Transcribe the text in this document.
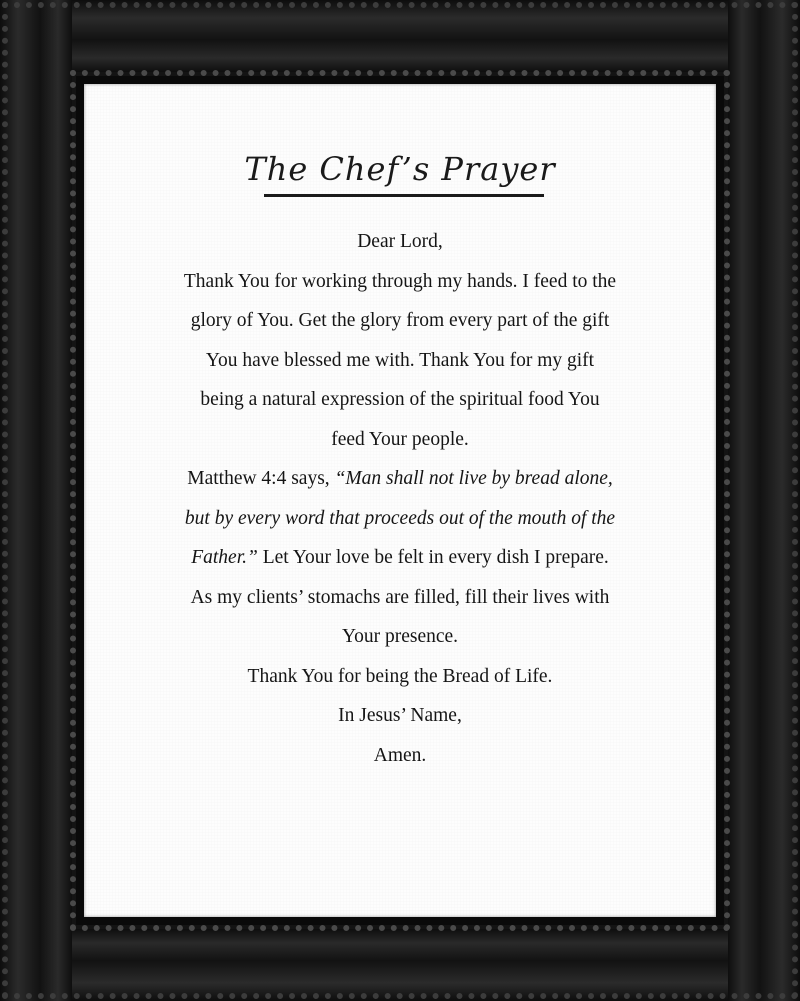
The Chef’s Prayer
Dear Lord,
Thank You for working through my hands. I feed to the
glory of You. Get the glory from every part of the gift
You have blessed me with. Thank You for my gift
being a natural expression of the spiritual food You
feed Your people.
Matthew 4:4 says, “Man shall not live by bread alone,
but by every word that proceeds out of the mouth of the
Father.” Let Your love be felt in every dish I prepare.
As my clients’ stomachs are filled, fill their lives with
Your presence.
Thank You for being the Bread of Life.
In Jesus’ Name,
Amen.
